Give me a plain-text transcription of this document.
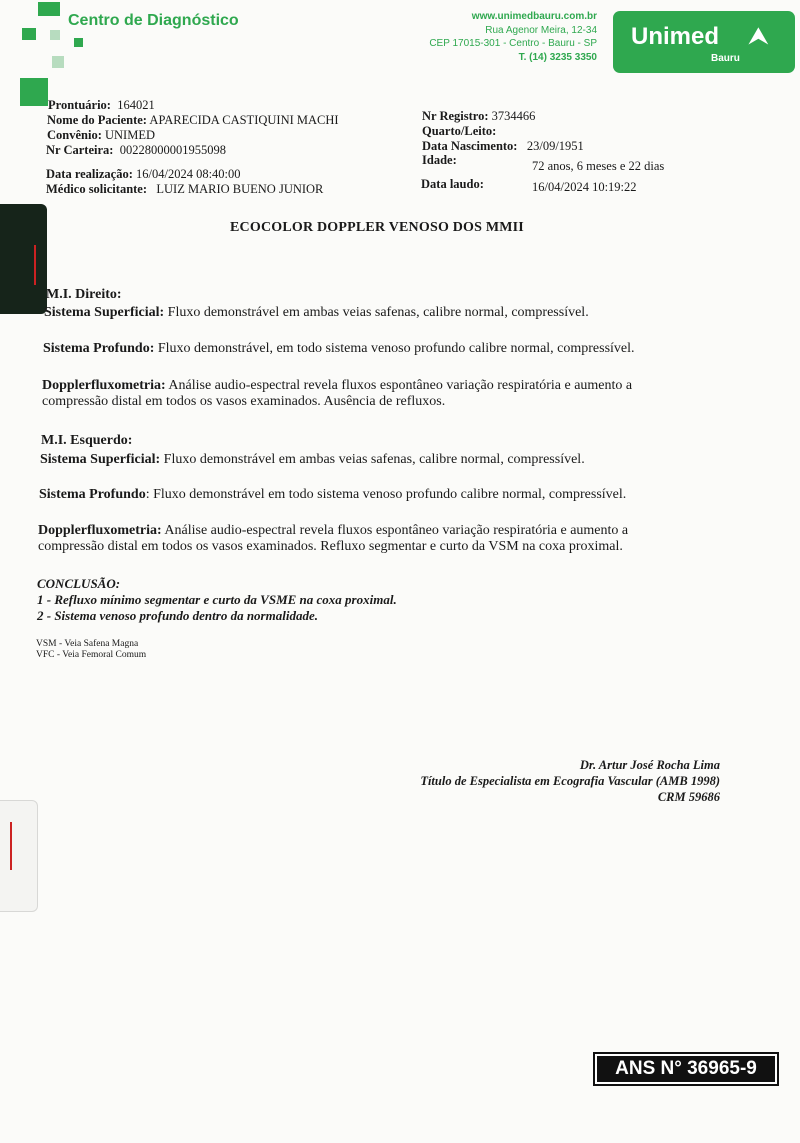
Centro de Diagnóstico	www.unimedbauru.com.br
Rua Agenor Meira, 12-34
CEP 17015-301 - Centro - Bauru - SP
T. (14) 3235 3350
Unimed ⮝
Bauru
Prontuário: 164021
Nome do Paciente: APARECIDA CASTIQUINI MACHI
Convênio: UNIMED
Nr Carteira: 00228000001955098
Data realização: 16/04/2024 08:40:00
Médico solicitante: LUIZ MARIO BUENO JUNIOR
Nr Registro: 3734466
Quarto/Leito:
Data Nascimento: 23/09/1951
Idade:	72 anos, 6 meses e 22 dias
Data laudo:	16/04/2024 10:19:22
ECOCOLOR DOPPLER VENOSO DOS MMII
M.I. Direito:
Sistema Superficial: Fluxo demonstrável em ambas veias safenas, calibre normal, compressível.
Sistema Profundo: Fluxo demonstrável, em todo sistema venoso profundo calibre normal, compressível.
Dopplerfluxometria: Análise audio-espectral revela fluxos espontâneo variação respiratória e aumento a
compressão distal em todos os vasos examinados. Ausência de refluxos.
M.I. Esquerdo:
Sistema Superficial: Fluxo demonstrável em ambas veias safenas, calibre normal, compressível.
Sistema Profundo: Fluxo demonstrável em todo sistema venoso profundo calibre normal, compressível.
Dopplerfluxometria: Análise audio-espectral revela fluxos espontâneo variação respiratória e aumento a
compressão distal em todos os vasos examinados. Refluxo segmentar e curto da VSM na coxa proximal.
CONCLUSÃO:
1 - Refluxo mínimo segmentar e curto da VSME na coxa proximal.
2 - Sistema venoso profundo dentro da normalidade.
VSM - Veia Safena Magna
VFC - Veia Femoral Comum
Dr. Artur José Rocha Lima
Título de Especialista em Ecografia Vascular (AMB 1998)
CRM 59686
ANS N° 36965-9
